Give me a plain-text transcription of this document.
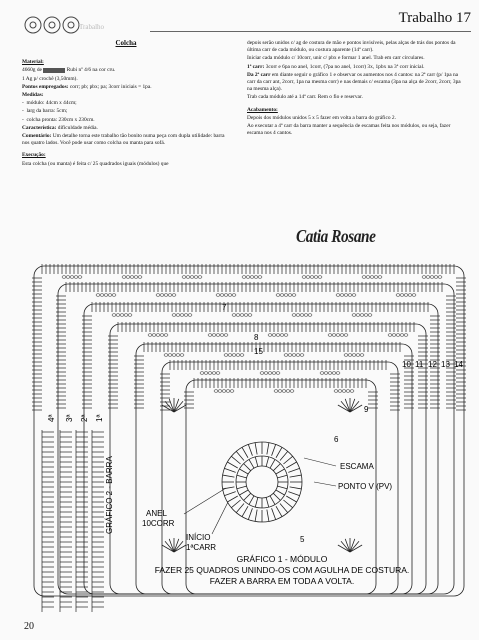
Trabalho
Trabalho 17
Colcha

Material:

4660g de	Rubi nº 4/6 na cor cru.

1 Ag p/ crochê (3,50mm).

Pontos empregados: corr; pb; pbx; pa; 3corr iniciais = 1pa.

Medidas:

-  módulo: 44cm x 44cm;

-  larg da barra: 5cm;

-  colcha pronta: 230cm x 230cm.

Característica: dificuldade média.

Comentário: Um detalhe torna este trabalho tão bonito numa peça com dupla utilidade: barra nos quatro lados. Você pode usar como colcha ou manta para sofá.

Execução:

Esta colcha (ou manta) é feita c/ 25 quadrados iguais (módulos) que

depois serão unidos c/ ag de costura de mão e pontos invisíveis, pelas alças de trás dos pontos da última carr de cada módulo, ou costura aparente (14ª carr).

Iniciar cada módulo c/ 10corr, unir c/ pbx e formar 1 anel. Trab em carr circulares.

1ª carr: 3corr e 6pa no anel, 1corr, (7pa no anel, 1corr) 3x, 1pbx na 3ª corr inicial.

Da 2ª carr em diante seguir o gráfico 1 e observar os aumentos nos 4 cantos: na 2ª carr (p/ 1pa na carr da carr ant, 2corr, 1pa na mesma corr) e nas demais c/ escama (3pa na alça de 2corr, 2corr, 3pa na mesma alça).

Trab cada módulo até a 14ª carr. Rem o fio e reservar.

Acabamento:

Depois dos módulos unidos 5 x 5 fazer em volta a barra do gráfico 2.

Ao executar a 4ª carr da barra manter a sequência de escamas feita nos módulos, ou seja, fazer escama nos 4 cantos.

Catia Rosane
10 11 12 13 14
7
8
9
15
6
5
4ª 3ª 2ª 1ª
GRÁFICO 2 - BARRA	ESCAMA
PONTO V (PV)
ANEL
10CORR
INÍCIO
1ªCARR
GRÁFICO 1 - MÓDULO
FAZER 25 QUADROS UNINDO-OS COM AGULHA DE COSTURA.
FAZER A BARRA EM TODA A VOLTA.
20
